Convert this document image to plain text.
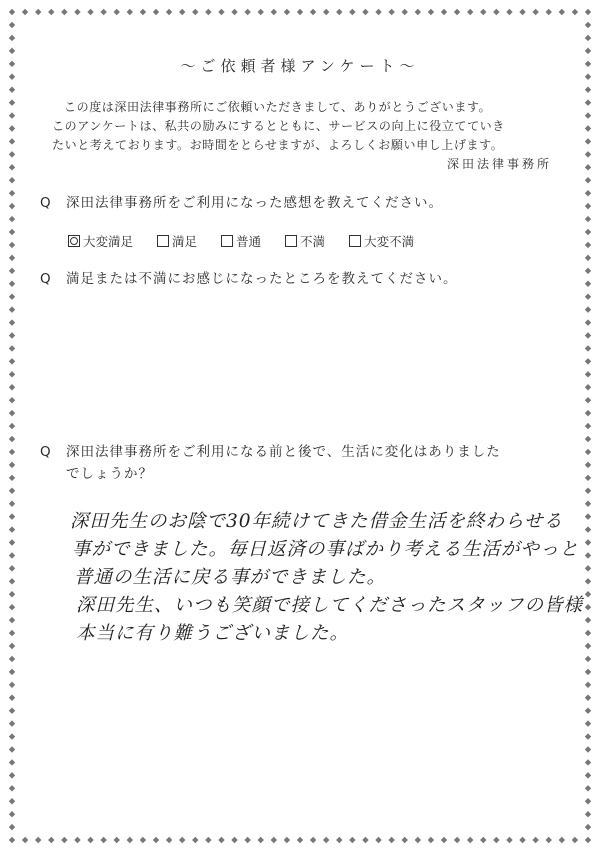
〜ご依頼者様アンケート〜

この度は深田法律事務所にご依頼いただきまして、ありがとうございます。

このアンケートは、私共の励みにするとともに、サービスの向上に役立てていき

たいと考えております。お時間をとらせますが、よろしくお願い申し上げます。

深田法律事務所
Q 深田法律事務所をご利用になった感想を教えてください。
大変満足	満足	普通	不満	大変不満
Q 満足または不満にお感じになったところを教えてください。
Q 深田法律事務所をご利用になる前と後で、生活に変化はありました
でしょうか？
深田先生のお陰で30年続けてきた借金生活を終わらせる
事ができました。毎日返済の事ばかり考える生活がやっと
普通の生活に戻る事ができました。
深田先生、いつも笑顔で接してくださったスタッフの皆様
本当に有り難うございました。
